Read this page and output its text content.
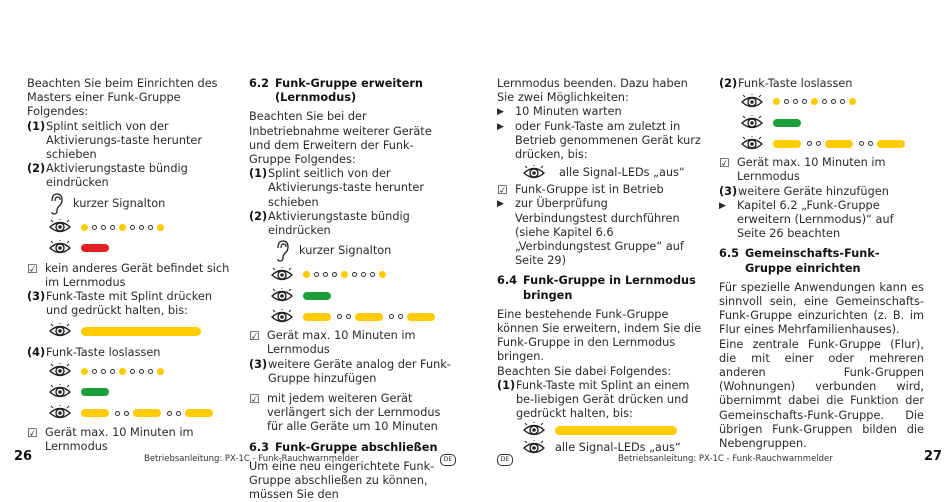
Beachten Sie beim Einrichten des Masters einer Funk-Gruppe Folgendes:

(1) Splint seitlich von der Aktivierungs-taste herunter schieben
(2) Aktivierungstaste bündig eindrücken
kurzer Signalton
☑ kein anderes Gerät befindet sich im Lernmodus
(3) Funk-Taste mit Splint drücken und gedrückt halten, bis:
(4) Funk-Taste loslassen
☑ Gerät max. 10 Minuten im Lernmodus
6.2 Funk-Gruppe erweitern (Lernmodus)

Beachten Sie bei der Inbetriebnahme weiterer Geräte und dem Erweitern der Funk-Gruppe Folgendes:

(1) Splint seitlich von der Aktivierungs-taste herunter schieben
(2) Aktivierungstaste bündig eindrücken
kurzer Signalton
☑ Gerät max. 10 Minuten im Lernmodus
(3) weitere Geräte analog der Funk-Gruppe hinzufügen
☑ mit jedem weiteren Gerät verlängert sich der Lernmodus für alle Geräte um 10 Minuten
6.3 Funk-Gruppe abschließen

Um eine neu eingerichtete Funk-Gruppe abschließen zu können, müssen Sie den

Lernmodus beenden. Dazu haben Sie zwei Möglichkeiten:

▶ 10 Minuten warten
▶ oder Funk-Taste am zuletzt in Betrieb genommenen Gerät kurz drücken, bis:
alle Signal-LEDs „aus“
☑ Funk-Gruppe ist in Betrieb
▶ zur Überprüfung Verbindungstest durchführen (siehe Kapitel 6.6 „Verbindungstest Gruppe“ auf Seite 29)
6.4 Funk-Gruppe in Lernmodus bringen

Eine bestehende Funk-Gruppe können Sie erweitern, indem Sie die Funk-Gruppe in den Lernmodus bringen.

Beachten Sie dabei Folgendes:

(1) Funk-Taste mit Splint an einem be-liebigen Gerät drücken und gedrückt halten, bis:
alle Signal-LEDs „aus“
(2) Funk-Taste loslassen
☑ Gerät max. 10 Minuten im Lernmodus
(3) weitere Geräte hinzufügen
▶ Kapitel 6.2 „Funk-Gruppe erweitern (Lernmodus)“ auf Seite 26 beachten
6.5 Gemeinschafts-Funk-Gruppe einrichten

Für spezielle Anwendungen kann es sinnvoll sein, eine Gemeinschafts-Funk-Gruppe einzurichten (z. B. im Flur eines Mehrfamilienhauses).

Eine zentrale Funk-Gruppe (Flur), die mit einer oder mehreren anderen Funk-Gruppen (Wohnungen) verbunden wird, übernimmt dabei die Funktion der Gemeinschafts-Funk-Gruppe. Die übrigen Funk-Gruppen bilden die Nebengruppen.

26	Betriebsanleitung: PX-1C - Funk-Rauchwarnmelder	DE	DE	Betriebsanleitung: PX-1C - Funk-Rauchwarnmelder	27
